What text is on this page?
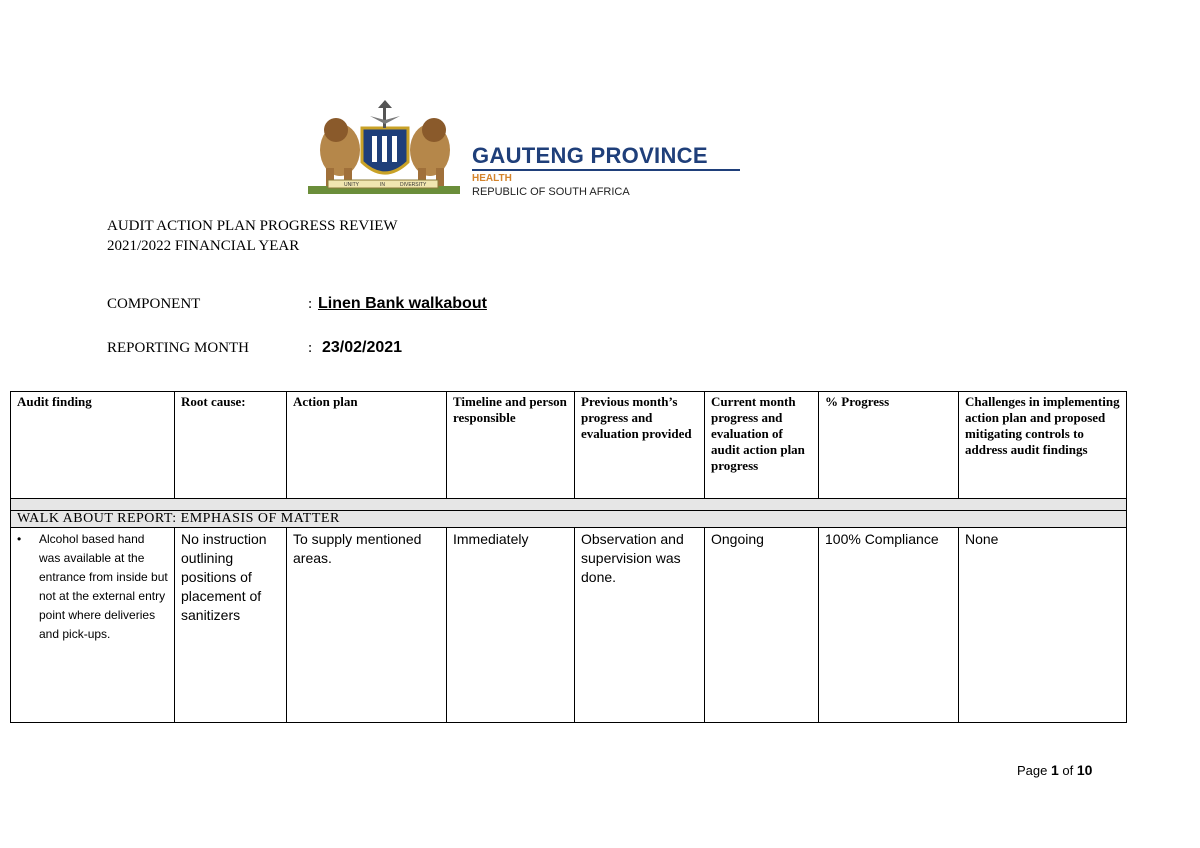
UNITY	IN	DIVERSITY
GAUTENG PROVINCE
HEALTH
REPUBLIC OF SOUTH AFRICA
AUDIT ACTION PLAN PROGRESS REVIEW
2021/2022 FINANCIAL YEAR
COMPONENT	: Linen Bank walkabout
REPORTING MONTH	: 23/02/2021
Audit finding	Root cause:	Action plan	Timeline and person responsible	Previous month’s progress and evaluation provided	Current month progress and evaluation of audit action plan progress	% Progress	Challenges in implementing action plan and proposed mitigating controls to address audit findings

WALK ABOUT REPORT: EMPHASIS OF MATTER							

• Alcohol based hand was available at the entrance from inside but not at the external entry point where deliveries and pick-ups.	No instruction outlining positions of placement of sanitizers	To supply mentioned areas.	Immediately	Observation and supervision was done.	Ongoing	100% Compliance	None
Page 1 of 10
